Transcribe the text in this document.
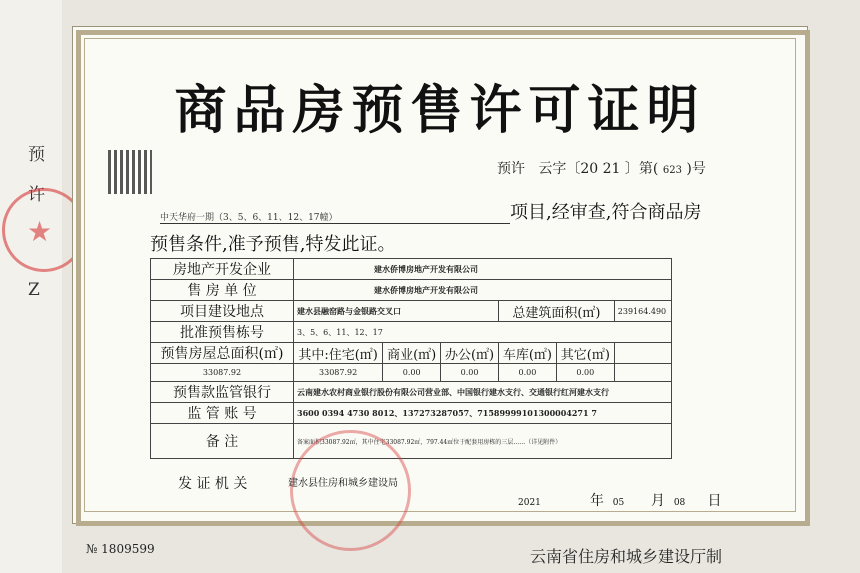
预
许
Z
★
商品房预售许可证明
预许 云字〔20 21 〕第( 623 )号
中天华府一期（3、5、6、11、12、17幢）	项目,经审查,符合商品房
预售条件,准予预售,特发此证。
房地产开发企业	建水侨博房地产开发有限公司					
售 房 单 位	建水侨博房地产开发有限公司					
项目建设地点	建水县融窑路与金银路交叉口			总建筑面积(㎡)		239164.490
批准预售栋号	3、5、6、11、12、17					
预售房屋总面积(㎡)	其中:住宅(㎡)	商业(㎡)	办公(㎡)	车库(㎡)	其它(㎡)	
33087.92	33087.92	0.00	0.00	0.00	0.00	
预售款监管银行	云南建水农村商业银行股份有限公司营业部、中国银行建水支行、交通银行红河建水支行					
监 管 账 号	3600 0394 4730 8012、137273287057、71589999101300004271 7					
备 注	备案面积33087.92㎡，其中住宅33087.92㎡，797.44㎡位于配套用房栋的三层……（详见附件）					
发 证 机 关	建水县住房和城乡建设局
2021	年 05 月 08 日
№ 1809599	云南省住房和城乡建设厅制
